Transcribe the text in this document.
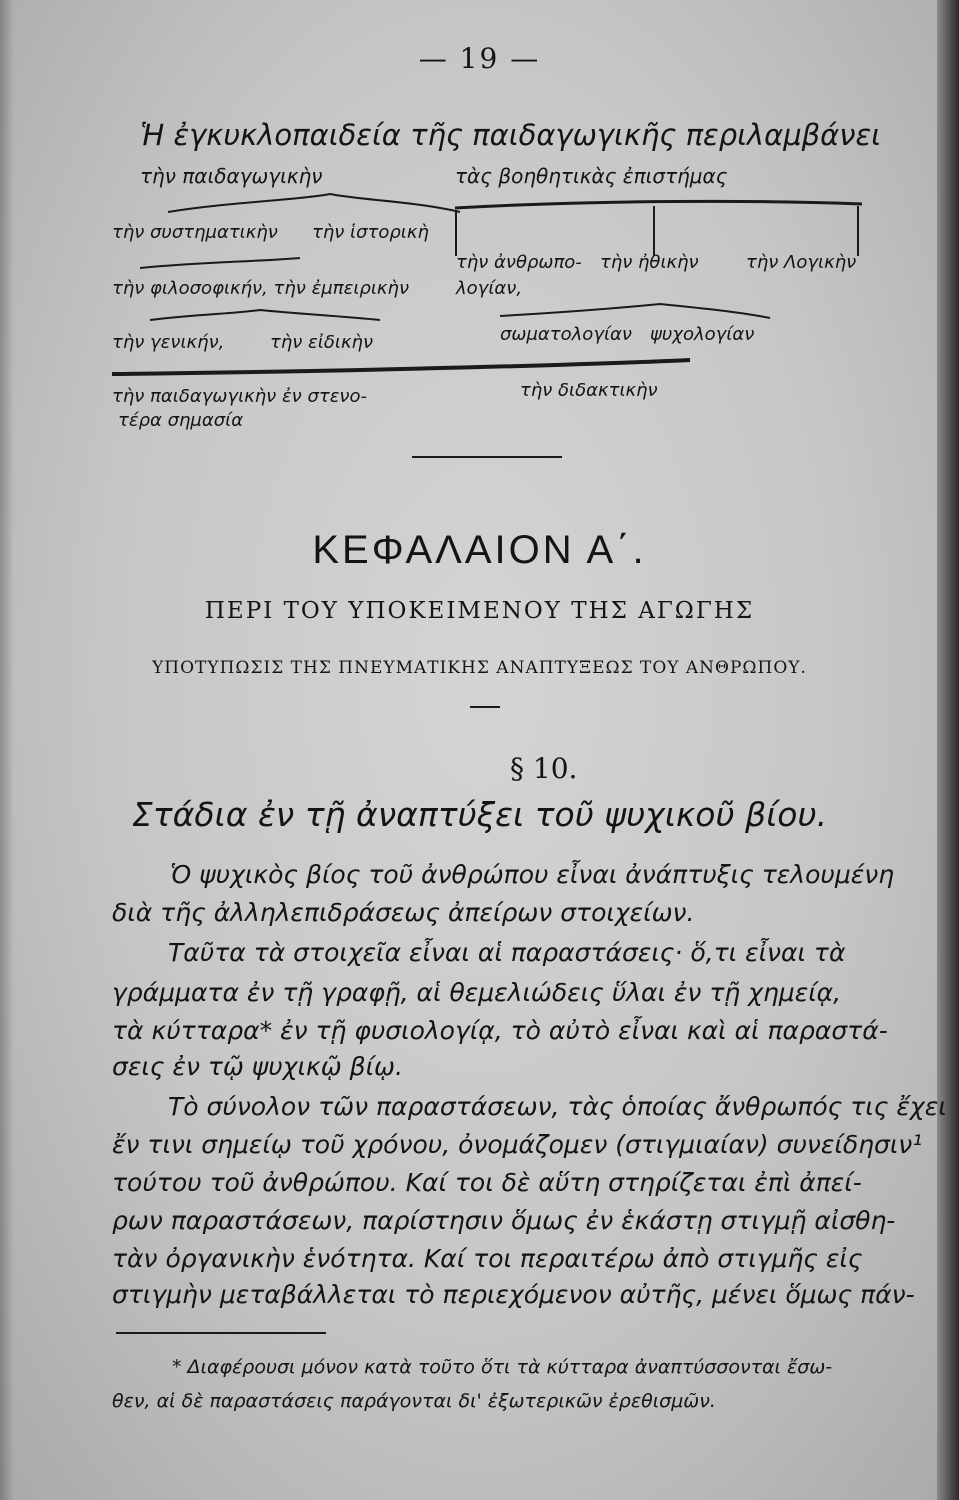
— 19 —
Ἡ ἐγκυκλοπαιδεία τῆς παιδαγωγικῆς περιλαμβάνει
τὴν παιδαγωγικὴν	τὰς βοηθητικὰς ἐπιστήμας
τὴν συστηματικὴν τὴν ἱστορικὴ
τὴν φιλοσοφικήν, τὴν ἐμπειρικὴν
τὴν γενικήν,	τὴν εἰδικὴν
τὴν παιδαγωγικὴν ἐν στενο-
τέρα σημασία
τὴν ἀνθρωπο-
λογίαν,
τὴν ἠθικὴν	τὴν Λογικὴν
σωματολογίαν ψυχολογίαν
τὴν διδακτικὴν
ΚΕΦΑΛΑΙΟΝ Α΄.
ΠΕΡΙ ΤΟΥ ΥΠΟΚΕΙΜΕΝΟΥ ΤΗΣ ΑΓΩΓΗΣ
ΥΠΟΤΥΠΩΣΙΣ ΤΗΣ ΠΝΕΥΜΑΤΙΚΗΣ ΑΝΑΠΤΥΞΕΩΣ ΤΟΥ ΑΝΘΡΩΠΟΥ.
§ 10.
Στάδια ἐν τῇ ἀναπτύξει τοῦ ψυχικοῦ βίου.
Ὁ ψυχικὸς βίος τοῦ ἀνθρώπου εἶναι ἀνάπτυξις τελουμένη
διὰ τῆς ἀλληλεπιδράσεως ἀπείρων στοιχείων.
Ταῦτα τὰ στοιχεῖα εἶναι αἱ παραστάσεις· ὅ,τι εἶναι τὰ
γράμματα ἐν τῇ γραφῇ, αἱ θεμελιώδεις ὕλαι ἐν τῇ χημείᾳ,
τὰ κύτταρα* ἐν τῇ φυσιολογίᾳ, τὸ αὐτὸ εἶναι καὶ αἱ παραστά-
σεις ἐν τῷ ψυχικῷ βίῳ.
Τὸ σύνολον τῶν παραστάσεων, τὰς ὁποίας ἄνθρωπός τις ἔχει
ἔν τινι σημείῳ τοῦ χρόνου, ὀνομάζομεν (στιγμιαίαν) συνείδησιν¹
τούτου τοῦ ἀνθρώπου. Καί τοι δὲ αὕτη στηρίζεται ἐπὶ ἀπεί-
ρων παραστάσεων, παρίστησιν ὅμως ἐν ἑκάστῃ στιγμῇ αἰσθη-
τὰν ὀργανικὴν ἑνότητα. Καί τοι περαιτέρω ἀπὸ στιγμῆς εἰς
στιγμὴν μεταβάλλεται τὸ περιεχόμενον αὐτῆς, μένει ὅμως πάν-
* Διαφέρουσι μόνον κατὰ τοῦτο ὅτι τὰ κύτταρα ἀναπτύσσονται ἔσω-
θεν, αἱ δὲ παραστάσεις παράγονται δι' ἐξωτερικῶν ἐρεθισμῶν.
